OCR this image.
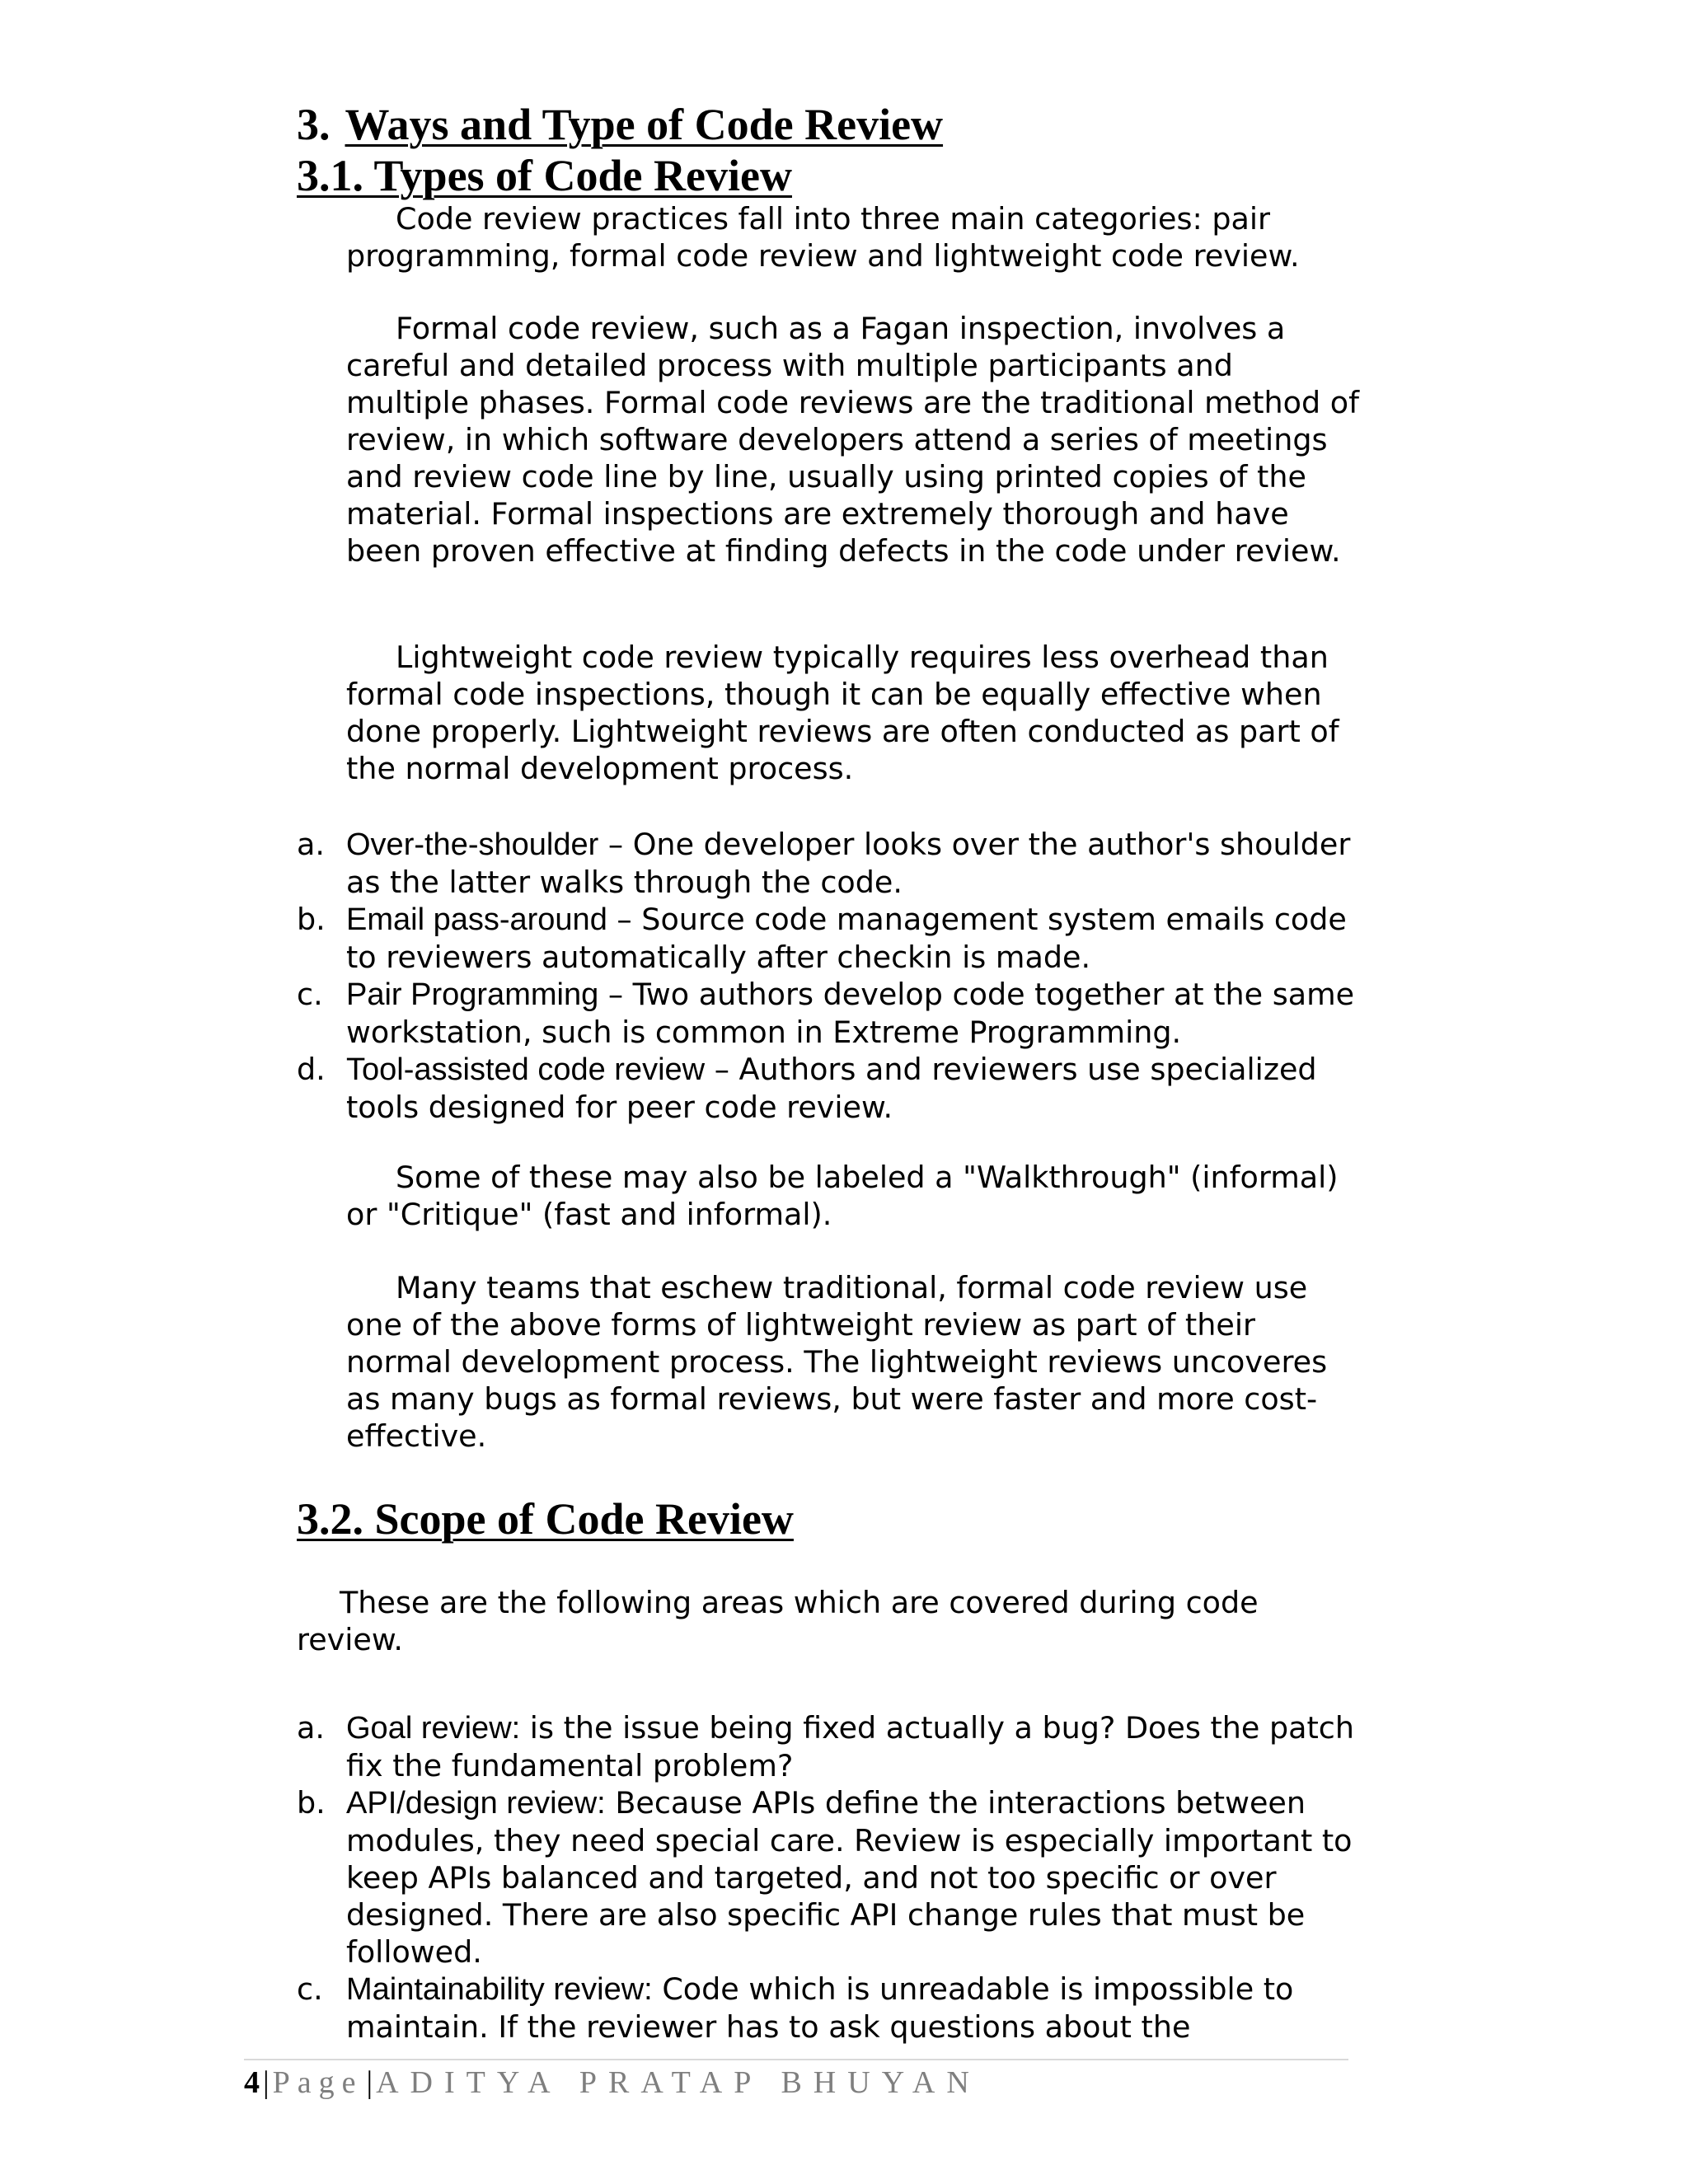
3. Ways and Type of Code Review
3.1. Types of Code Review

Code review practices fall into three main categories: pair programming, formal code review and lightweight code review.

Formal code review, such as a Fagan inspection, involves a careful and detailed process with multiple participants and multiple phases. Formal code reviews are the traditional method of review, in which software developers attend a series of meetings and review code line by line, usually using printed copies of the material. Formal inspections are extremely thorough and have been proven effective at finding defects in the code under review.

Lightweight code review typically requires less overhead than formal code inspections, though it can be equally effective when done properly. Lightweight reviews are often conducted as part of the normal development process.

a. Over-the-shoulder – One developer looks over the author's shoulder as the latter walks through the code.
b. Email pass-around – Source code management system emails code to reviewers automatically after checkin is made.
c. Pair Programming – Two authors develop code together at the same workstation, such is common in Extreme Programming.
d. Tool-assisted code review – Authors and reviewers use specialized tools designed for peer code review.

Some of these may also be labeled a "Walkthrough" (informal) or "Critique" (fast and informal).

Many teams that eschew traditional, formal code review use one of the above forms of lightweight review as part of their normal development process. The lightweight reviews uncoveres as many bugs as formal reviews, but were faster and more cost-effective.

3.2. Scope of Code Review

These are the following areas which are covered during code review.

a. Goal review: is the issue being fixed actually a bug? Does the patch fix the fundamental problem?
b. API/design review: Because APIs define the interactions between modules, they need special care. Review is especially important to keep APIs balanced and targeted, and not too specific or over designed. There are also specific API change rules that must be followed.
c. Maintainability review: Code which is unreadable is impossible to maintain. If the reviewer has to ask questions about the
4 | Page | ADITYA PRATAP BHUYAN
